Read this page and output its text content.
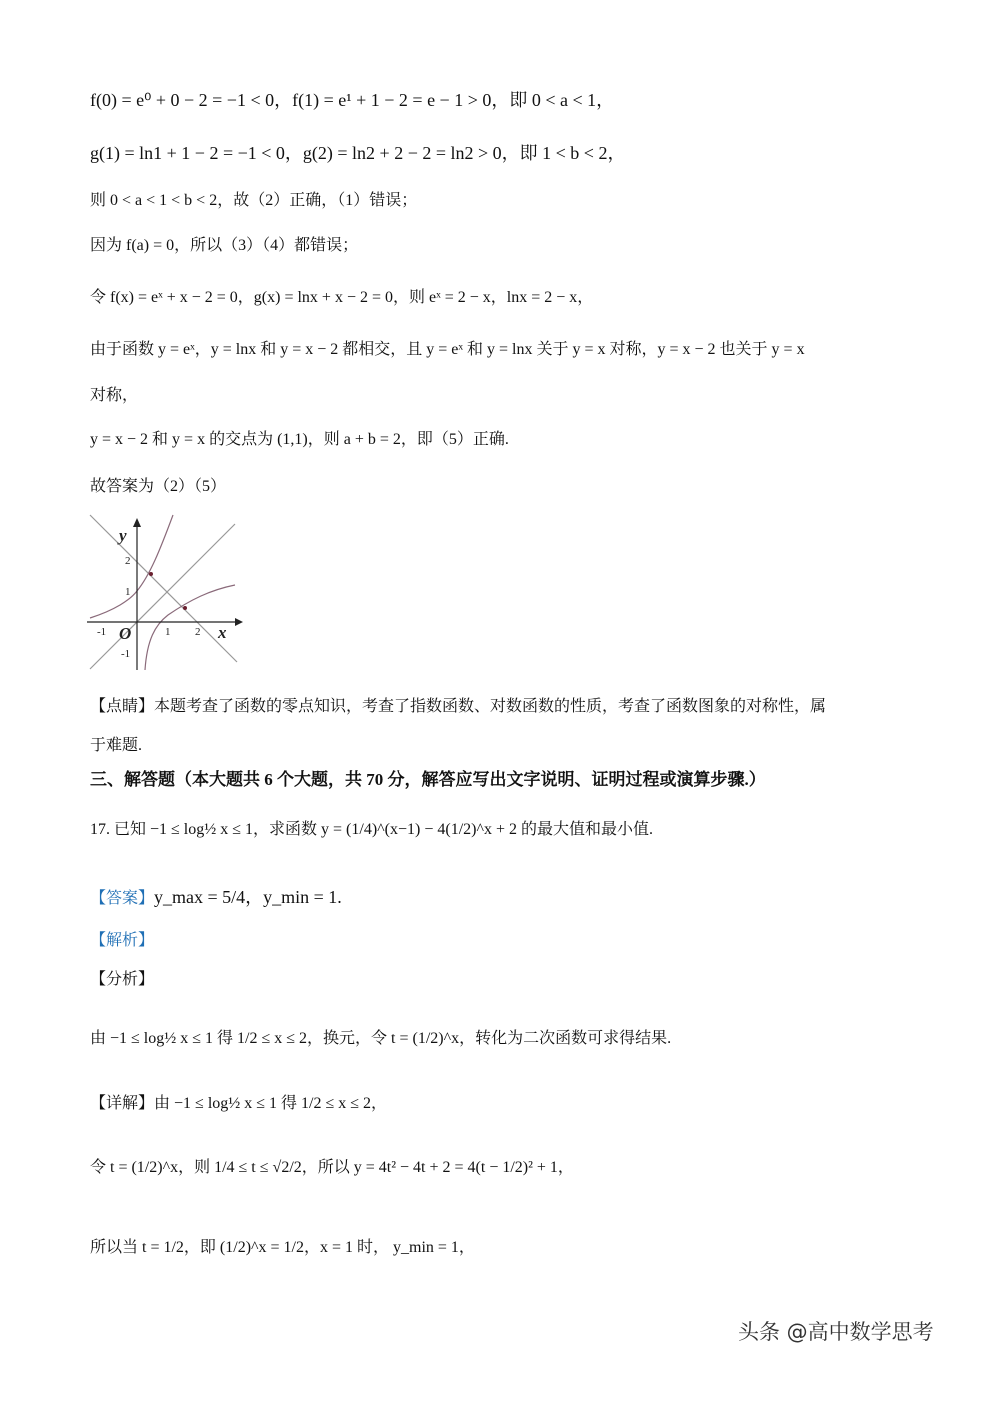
f(0) = e⁰ + 0 − 2 = −1 < 0，f(1) = e¹ + 1 − 2 = e − 1 > 0，即 0 < a < 1，
g(1) = ln1 + 1 − 2 = −1 < 0，g(2) = ln2 + 2 − 2 = ln2 > 0，即 1 < b < 2，
则 0 < a < 1 < b < 2，故（2）正确，（1）错误；
因为 f(a) = 0，所以（3）（4）都错误；
令 f(x) = eˣ + x − 2 = 0，g(x) = lnx + x − 2 = 0，则 eˣ = 2 − x，lnx = 2 − x，
由于函数 y = eˣ，y = lnx 和 y = x − 2 都相交，且 y = eˣ 和 y = lnx 关于 y = x 对称，y = x − 2 也关于 y = x
对称，
y = x − 2 和 y = x 的交点为 (1,1)，则 a + b = 2，即（5）正确.
故答案为（2）（5）
-1	1 2
1
2
-1
y
x
O
【点睛】本题考查了函数的零点知识，考查了指数函数、对数函数的性质，考查了函数图象的对称性，属
于难题.
三、解答题（本大题共 6 个大题，共 70 分，解答应写出文字说明、证明过程或演算步骤.）
17. 已知 −1 ≤ log½ x ≤ 1，求函数 y = (1/4)^(x−1) − 4(1/2)^x + 2 的最大值和最小值.
【答案】y_max = 5/4，y_min = 1.
【解析】
【分析】
由 −1 ≤ log½ x ≤ 1 得 1/2 ≤ x ≤ 2，换元，令 t = (1/2)^x，转化为二次函数可求得结果.
【详解】由 −1 ≤ log½ x ≤ 1 得 1/2 ≤ x ≤ 2，
令 t = (1/2)^x，则 1/4 ≤ t ≤ √2/2，所以 y = 4t² − 4t + 2 = 4(t − 1/2)² + 1，
所以当 t = 1/2，即 (1/2)^x = 1/2，x = 1 时， y_min = 1，
头条 @高中数学思考
